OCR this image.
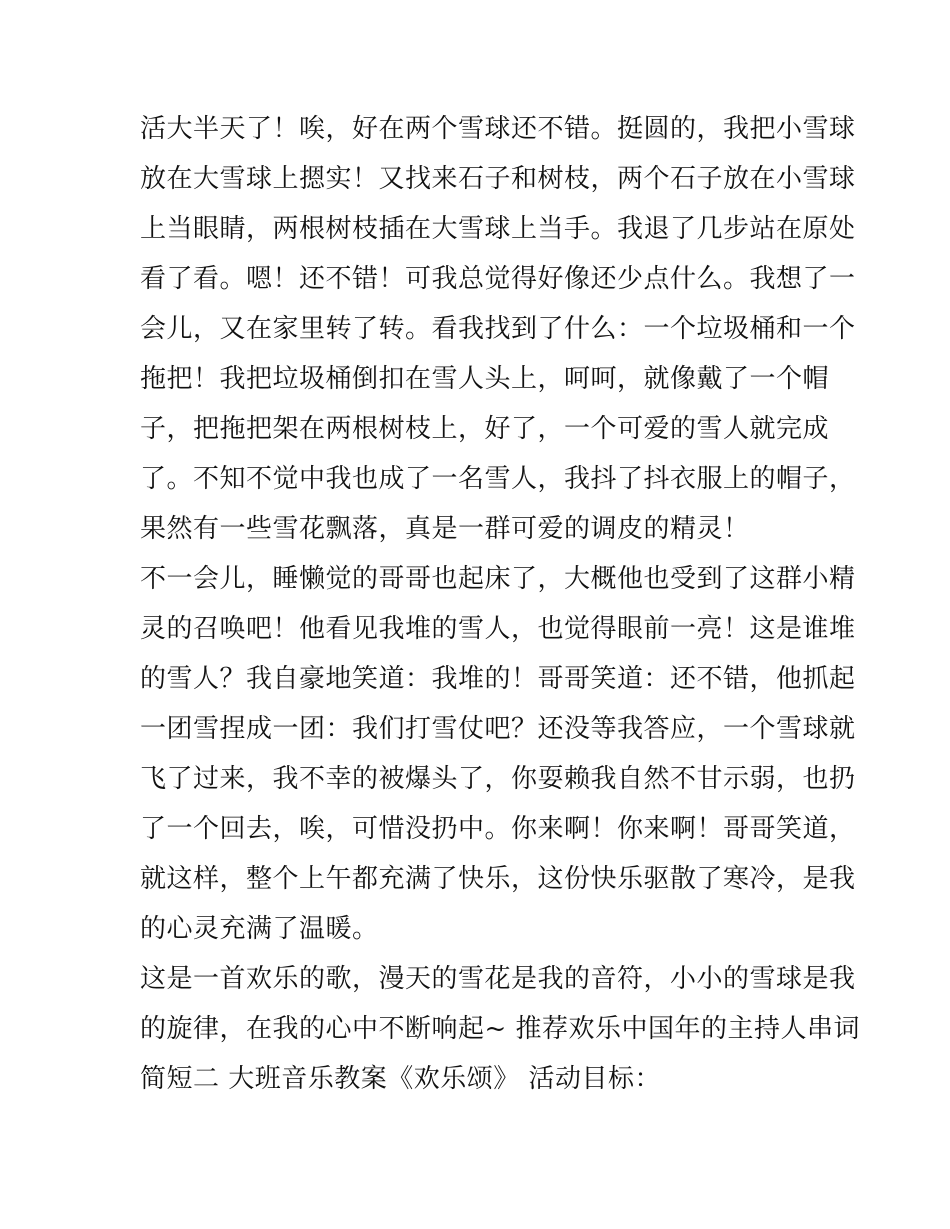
活大半天了！唉，好在两个雪球还不错。挺圆的，我把小雪球
放在大雪球上摁实！又找来石子和树枝，两个石子放在小雪球
上当眼睛，两根树枝插在大雪球上当手。我退了几步站在原处
看了看。嗯！还不错！可我总觉得好像还少点什么。我想了一
会儿，又在家里转了转。看我找到了什么：一个垃圾桶和一个
拖把！我把垃圾桶倒扣在雪人头上，呵呵，就像戴了一个帽
子，把拖把架在两根树枝上，好了，一个可爱的雪人就完成
了。不知不觉中我也成了一名雪人，我抖了抖衣服上的帽子，
果然有一些雪花飘落，真是一群可爱的调皮的精灵！
不一会儿，睡懒觉的哥哥也起床了，大概他也受到了这群小精
灵的召唤吧！他看见我堆的雪人，也觉得眼前一亮！这是谁堆
的雪人？我自豪地笑道：我堆的！哥哥笑道：还不错，他抓起
一团雪捏成一团：我们打雪仗吧？还没等我答应，一个雪球就
飞了过来，我不幸的被爆头了，你耍赖我自然不甘示弱，也扔
了一个回去，唉，可惜没扔中。你来啊！你来啊！哥哥笑道，
就这样，整个上午都充满了快乐，这份快乐驱散了寒冷，是我
的心灵充满了温暖。
这是一首欢乐的歌，漫天的雪花是我的音符，小小的雪球是我
的旋律，在我的心中不断响起~ 推荐欢乐中国年的主持人串词
简短二 大班音乐教案《欢乐颂》 活动目标：
